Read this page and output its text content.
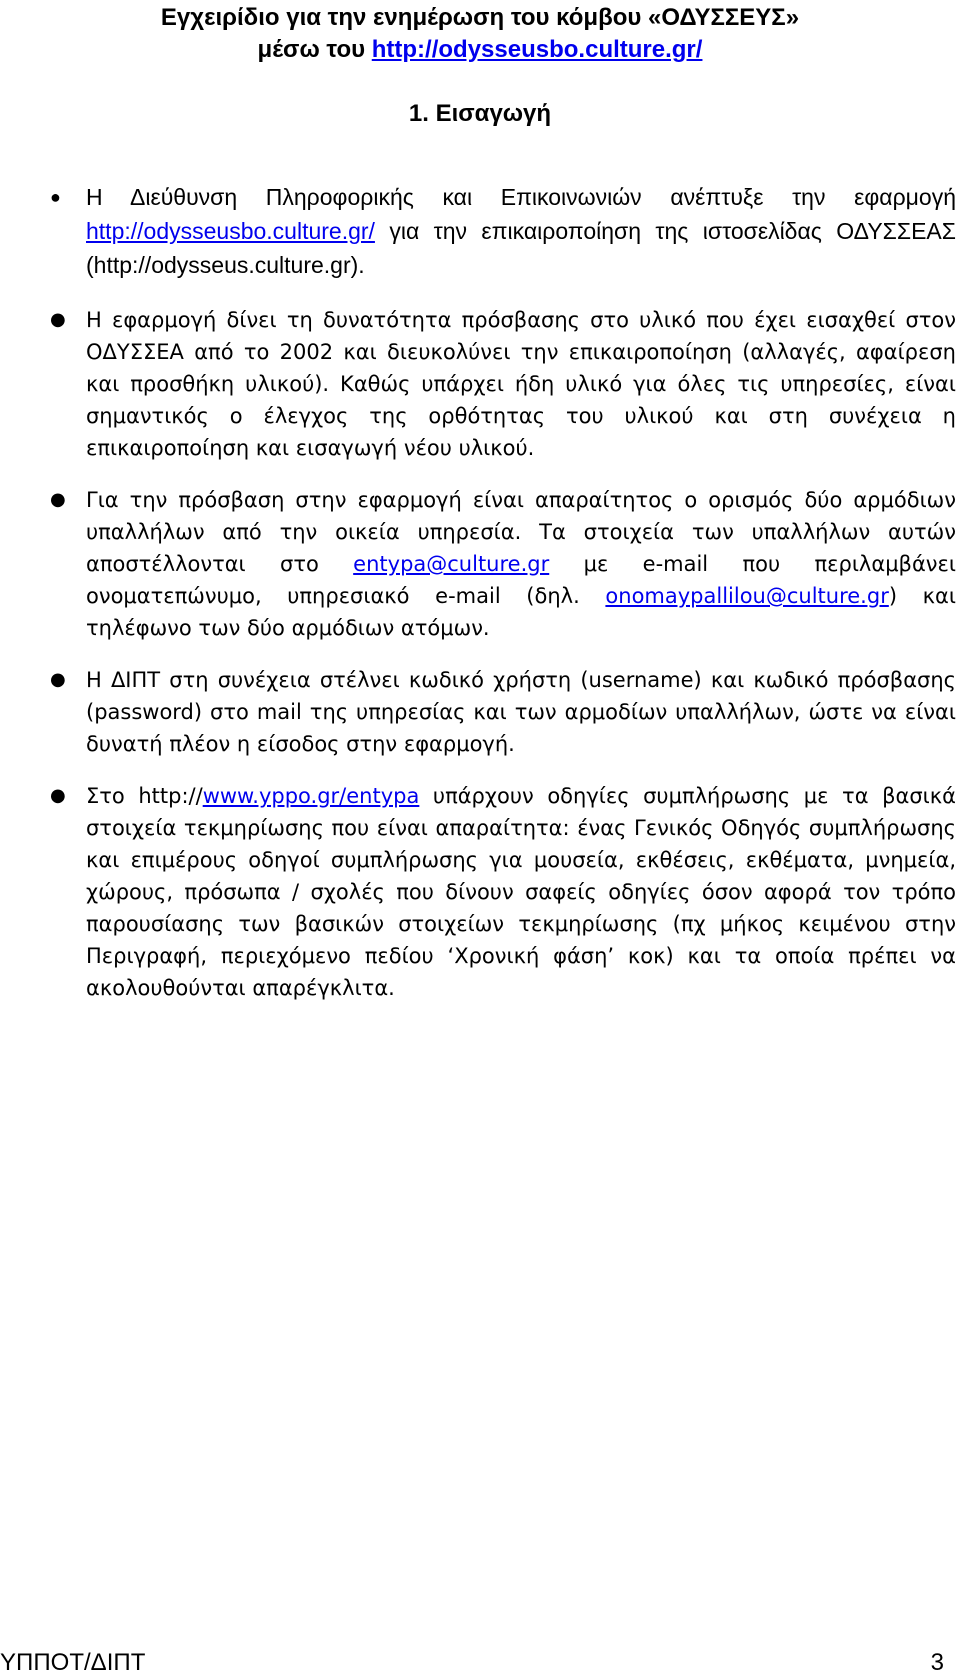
Εγχειρίδιο για την ενημέρωση του κόμβου «ΟΔΥΣΣΕΥΣ»
μέσω του http://odysseusbo.culture.gr/
1. Εισαγωγή
● Η Διεύθυνση Πληροφορικής και Επικοινωνιών ανέπτυξε την εφαρμογή http://odysseusbo.culture.gr/ για την επικαιροποίηση της ιστοσελίδας ΟΔΥΣΣΕΑΣ (http://odysseus.culture.gr).
● Η εφαρμογή δίνει τη δυνατότητα πρόσβασης στο υλικό που έχει εισαχθεί στον ΟΔΥΣΣΕΑ από το 2002 και διευκολύνει την επικαιροποίηση (αλλαγές, αφαίρεση και προσθήκη υλικού). Καθώς υπάρχει ήδη υλικό για όλες τις υπηρεσίες, είναι σημαντικός ο έλεγχος της ορθότητας του υλικού και στη συνέχεια η επικαιροποίηση και εισαγωγή νέου υλικού.
● Για την πρόσβαση στην εφαρμογή είναι απαραίτητος ο ορισμός δύο αρμόδιων υπαλλήλων από την οικεία υπηρεσία. Τα στοιχεία των υπαλλήλων αυτών αποστέλλονται στο entypa@culture.gr με e-mail που περιλαμβάνει ονοματεπώνυμο, υπηρεσιακό e-mail (δηλ. onomaypallilou@culture.gr) και τηλέφωνο των δύο αρμόδιων ατόμων.
● Η ΔΙΠΤ στη συνέχεια στέλνει κωδικό χρήστη (username) και κωδικό πρόσβασης (password) στο mail της υπηρεσίας και των αρμοδίων υπαλλήλων, ώστε να είναι δυνατή πλέον η είσοδος στην εφαρμογή.
● Στο http://www.yppo.gr/entypa υπάρχουν οδηγίες συμπλήρωσης με τα βασικά στοιχεία τεκμηρίωσης που είναι απαραίτητα: ένας Γενικός Οδηγός συμπλήρωσης και επιμέρους οδηγοί συμπλήρωσης για μουσεία, εκθέσεις, εκθέματα, μνημεία, χώρους, πρόσωπα / σχολές που δίνουν σαφείς οδηγίες όσον αφορά τον τρόπο παρουσίασης των βασικών στοιχείων τεκμηρίωσης (πχ μήκος κειμένου στην Περιγραφή, περιεχόμενο πεδίου ‘Χρονική φάση’ κοκ) και τα οποία πρέπει να ακολουθούνται απαρέγκλιτα.
ΥΠΠΟΤ/ΔΙΠΤ	3
